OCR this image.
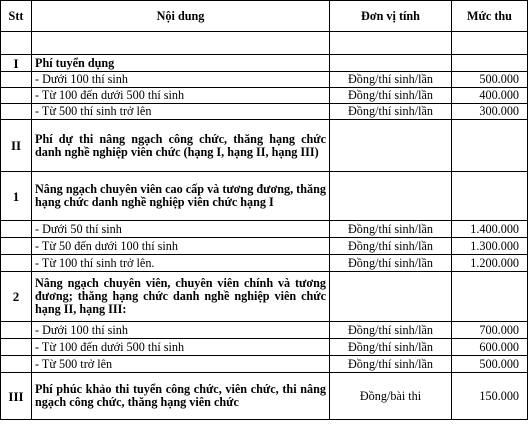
Stt	Nội dung	Đơn vị tính	Mức thu

I	Phí tuyển dụng		
	- Dưới 100 thí sinh	Đồng/thí sinh/lần	500.000
	- Từ 100 đến dưới 500 thí sinh	Đồng/thí sinh/lần	400.000
	- Từ 500 thí sinh trở lên	Đồng/thí sinh/lần	300.000
II	Phí dự thi nâng ngạch công chức, thăng hạng chức danh nghề nghiệp viên chức (hạng I, hạng II, hạng III)		
1	Nâng ngạch chuyên viên cao cấp và tương đương, thăng hạng chức danh nghề nghiệp viên chức hạng I		
	- Dưới 50 thí sinh	Đồng/thí sinh/lần	1.400.000
	- Từ 50 đến dưới 100 thí sinh	Đồng/thí sinh/lần	1.300.000
	- Từ 100 thí sinh trở lên.	Đồng/thí sinh/lần	1.200.000
2	Nâng ngạch chuyên viên, chuyên viên chính và tương đương; thăng hạng chức danh nghề nghiệp viên chức hạng II, hạng III:		
	- Dưới 100 thí sinh	Đồng/thí sinh/lần	700.000
	- Từ 100 đến dưới 500 thí sinh	Đồng/thí sinh/lần	600.000
	- Từ 500 trở lên	Đồng/thí sinh/lần	500.000
III	Phí phúc khảo thi tuyển công chức, viên chức, thi nâng ngạch công chức, thăng hạng viên chức	Đồng/bài thi	150.000
